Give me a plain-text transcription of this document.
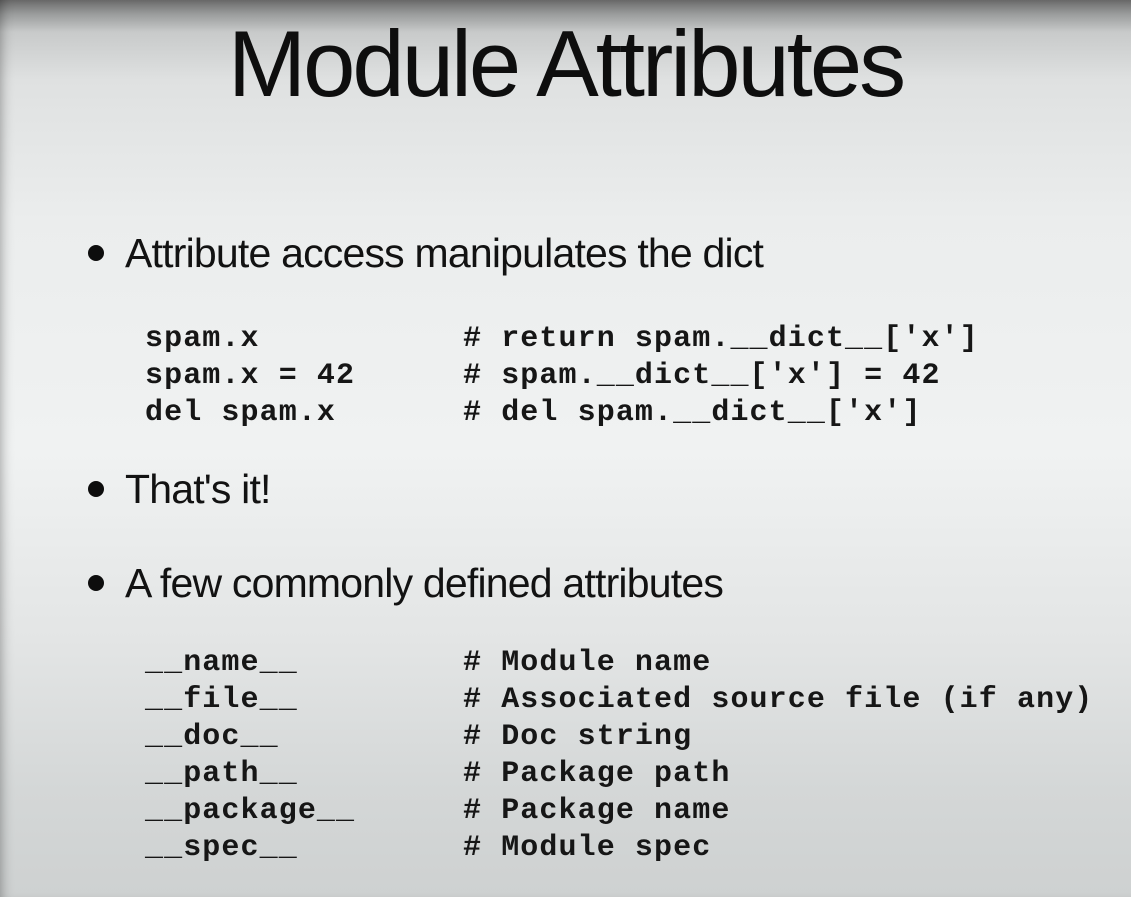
Module Attributes
Attribute access manipulates the dict
spam.x	# return spam.__dict__['x']
spam.x = 42	# spam.__dict__['x'] = 42
del spam.x	# del spam.__dict__['x']
That's it!
A few commonly defined attributes
__name__	# Module name
__file__	# Associated source file (if any)
__doc__	# Doc string
__path__	# Package path
__package__	# Package name
__spec__	# Module spec
